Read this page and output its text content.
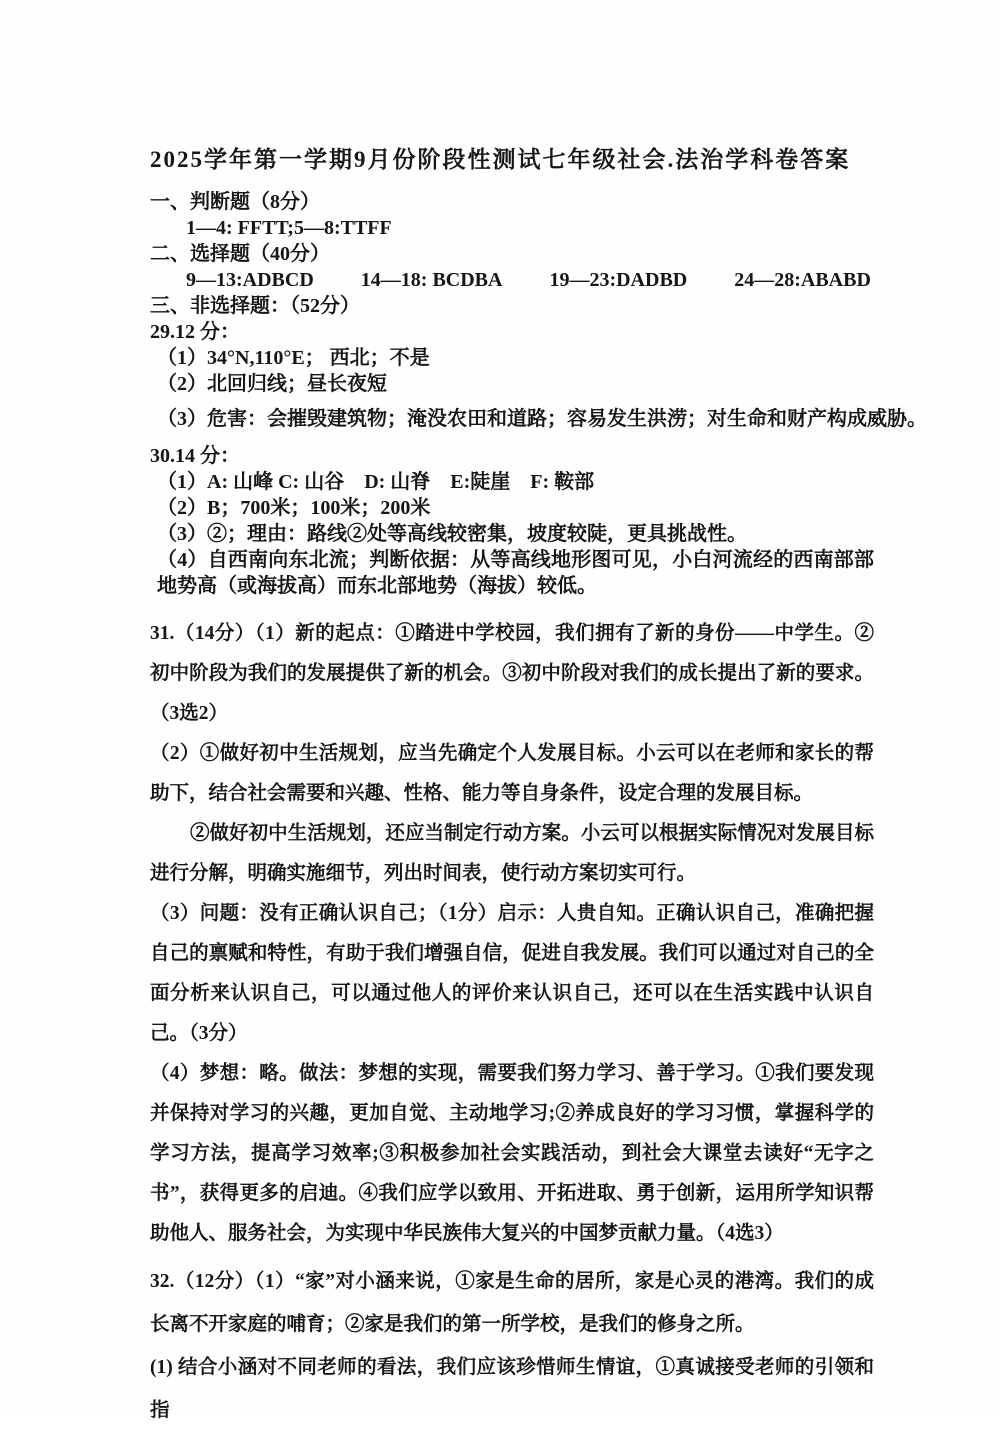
2025学年第一学期9月份阶段性测试七年级社会.法治学科卷答案
一、判断题（8分）
1—4: FFTT;5—8:TTFF
二、选择题（40分）
9—13:ADBCD 14—18: BCDBA 19—23:DADBD 24—28:ABABD
三、非选择题：（52分）
29.12 分：
（1）34°N,110°E； 西北；不是
（2）北回归线；昼长夜短
（3）危害：会摧毁建筑物；淹没农田和道路；容易发生洪涝；对生命和财产构成威胁。
30.14 分：
（1）A: 山峰 C: 山谷　D: 山脊　E:陡崖　F: 鞍部
（2）B；700米；100米；200米
（3）②；理由：路线②处等高线较密集，坡度较陡，更具挑战性。
（4）自西南向东北流；判断依据：从等高线地形图可见，小白河流经的西南部部地势高（或海拔高）而东北部地势（海拔）较低。

31.（14分）（1）新的起点：①踏进中学校园，我们拥有了新的身份——中学生。②初中阶段为我们的发展提供了新的机会。③初中阶段对我们的成长提出了新的要求。（3选2）

（2）①做好初中生活规划，应当先确定个人发展目标。小云可以在老师和家长的帮助下，结合社会需要和兴趣、性格、能力等自身条件，设定合理的发展目标。

②做好初中生活规划，还应当制定行动方案。小云可以根据实际情况对发展目标进行分解，明确实施细节，列出时间表，使行动方案切实可行。

（3）问题：没有正确认识自己；（1分）启示：人贵自知。正确认识自己，准确把握自己的禀赋和特性，有助于我们增强自信，促进自我发展。我们可以通过对自己的全面分析来认识自己，可以通过他人的评价来认识自己，还可以在生活实践中认识自己。（3分）

（4）梦想：略。做法：梦想的实现，需要我们努力学习、善于学习。①我们要发现并保持对学习的兴趣，更加自觉、主动地学习;②养成良好的学习习惯，掌握科学的学习方法，提高学习效率;③积极参加社会实践活动，到社会大课堂去读好“无字之书”，获得更多的启迪。④我们应学以致用、开拓进取、勇于创新，运用所学知识帮助他人、服务社会，为实现中华民族伟大复兴的中国梦贡献力量。（4选3）

32.（12分）（1）“家”对小涵来说，①家是生命的居所，家是心灵的港湾。我们的成长离不开家庭的哺育；②家是我们的第一所学校，是我们的修身之所。

(1) 结合小涵对不同老师的看法，我们应该珍惜师生情谊，①真诚接受老师的引领和指
